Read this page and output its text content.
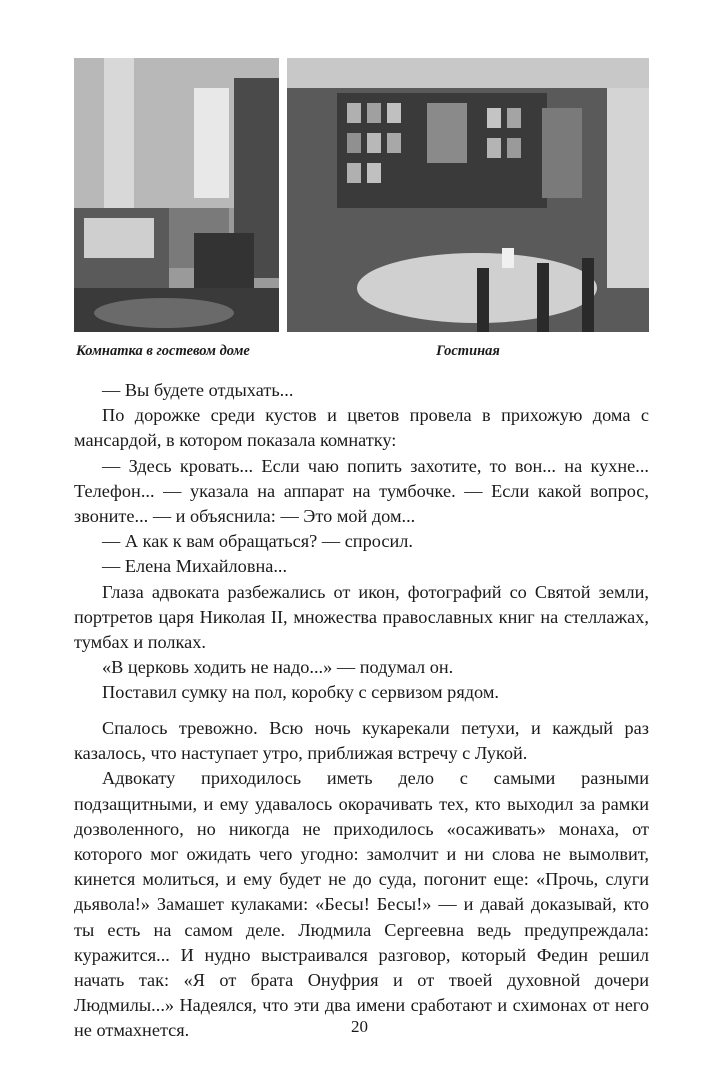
Комнатка в гостевом доме	Гостиная

— Вы будете отдыхать...

По дорожке среди кустов и цветов провела в прихожую дома с мансардой, в котором показала комнатку:

— Здесь кровать... Если чаю попить захотите, то вон... на кухне... Телефон... — указала на аппарат на тумбочке. — Если какой вопрос, звоните... — и объяснила: — Это мой дом...

— А как к вам обращаться? — спросил.

— Елена Михайловна...

Глаза адвоката разбежались от икон, фотографий со Святой земли, портретов царя Николая II, множества православных книг на стеллажах, тумбах и полках.

«В церковь ходить не надо...» — подумал он.

Поставил сумку на пол, коробку с сервизом рядом.

Спалось тревожно. Всю ночь кукарекали петухи, и каждый раз казалось, что наступает утро, приближая встречу с Лукой.

Адвокату приходилось иметь дело с самыми разными подзащитными, и ему удавалось окорачивать тех, кто выходил за рамки дозволенного, но никогда не приходилось «осаживать» монаха, от которого мог ожидать чего угодно: замолчит и ни слова не вымолвит, кинется молиться, и ему будет не до суда, погонит еще: «Прочь, слуги дьявола!» Замашет кулаками: «Бесы! Бесы!» — и давай доказывай, кто ты есть на самом деле. Людмила Сергеевна ведь предупреждала: куражится... И нудно выстраивался разговор, который Федин решил начать так: «Я от брата Онуфрия и от твоей духовной дочери Людмилы...» Надеялся, что эти два имени сработают и схимонах от него не отмахнется.	20
